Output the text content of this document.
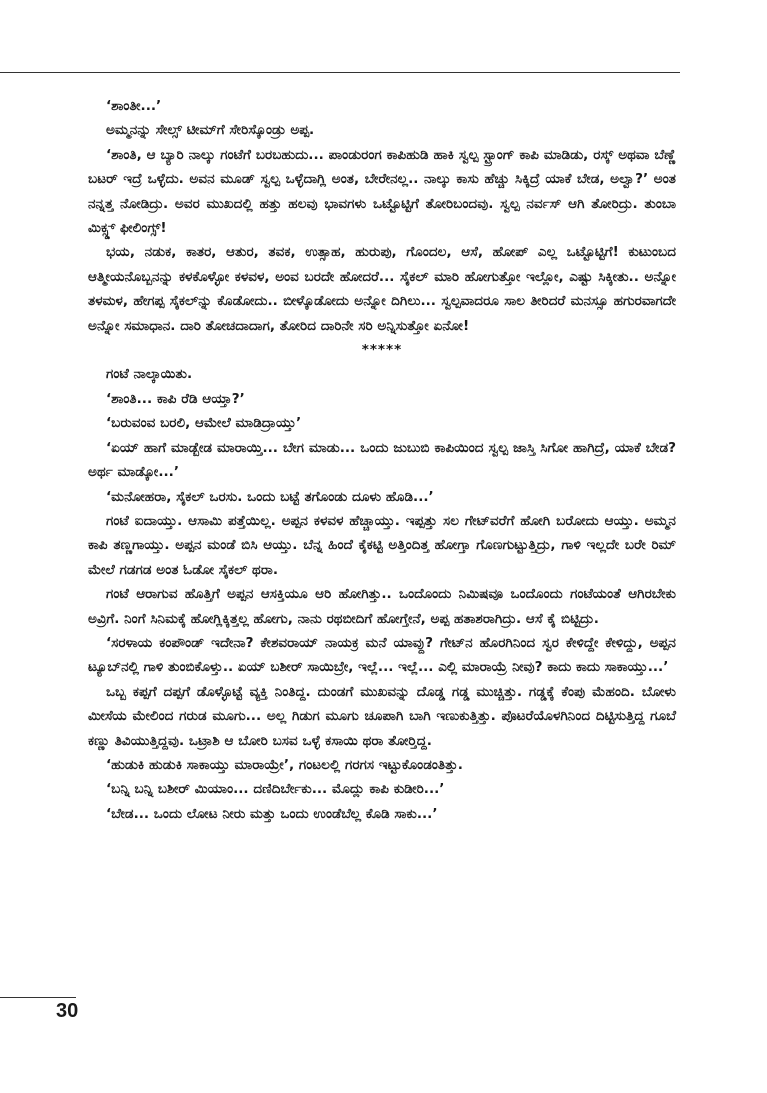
‘ಶಾಂತೀ...’

ಅಮ್ಮನನ್ನು ಸೇಲ್ಸ್ ಟೀಮ್‌ಗೆ ಸೇರಿಸ್ಕೊಂಡ್ರು ಅಪ್ಪ.

‘ಶಾಂತಿ, ಆ ಬ್ಯಾರಿ ನಾಲ್ಕು ಗಂಟೆಗೆ ಬರಬಹುದು... ಪಾಂಡುರಂಗ ಕಾಪಿಹುಡಿ ಹಾಕಿ ಸ್ವಲ್ಪ ಸ್ಟ್ರಾಂಗ್ ಕಾಪಿ ಮಾಡಿಡು, ರಸ್ಕ್ ಅಥವಾ ಬೆಣ್ಣೆ ಬಟರ್ ಇದ್ರೆ ಒಳ್ಳೆದು. ಅವನ ಮೂಡ್ ಸ್ವಲ್ಪ ಒಳ್ಳೆದಾಗ್ಲಿ ಅಂತ, ಬೇರೇನಲ್ಲ.. ನಾಲ್ಕು ಕಾಸು ಹೆಚ್ಚು ಸಿಕ್ಕಿದ್ರೆ ಯಾಕೆ ಬೇಡ, ಅಲ್ವಾ?’ ಅಂತ ನನ್ನತ್ತ ನೋಡಿದ್ರು. ಅವರ ಮುಖದಲ್ಲಿ ಹತ್ತು ಹಲವು ಭಾವಗಳು ಒಟ್ಟೊಟ್ಟಿಗೆ ತೋರಿಬಂದವು. ಸ್ವಲ್ಪ ನರ್ವಸ್ ಆಗಿ ತೋರಿದ್ರು. ತುಂಬಾ ಮಿಕ್ಸ್ಡ್ ಫೀಲಿಂಗ್ಸ್!

ಭಯ, ನಡುಕ, ಕಾತರ, ಆತುರ, ತವಕ, ಉತ್ಸಾಹ, ಹುರುಪು, ಗೊಂದಲ, ಆಸೆ, ಹೋಪ್ ಎಲ್ಲ ಒಟ್ಟೊಟ್ಟಿಗೆ! ಕುಟುಂಬದ ಆತ್ಮೀಯನೊಬ್ಬನನ್ನು ಕಳಕೊಳ್ಳೋ ಕಳವಳ, ಅಂವ ಬರದೇ ಹೋದರೆ... ಸೈಕಲ್ ಮಾರಿ ಹೋಗುತ್ತೋ ಇಲ್ಲೋ, ಎಷ್ಟು ಸಿಕ್ಕೀತು.. ಅನ್ನೋ ತಳಮಳ, ಹೇಗಪ್ಪ ಸೈಕಲ್‌ನ್ನು ಕೊಡೋದು.. ಬೀಳ್ಕೊಡೋದು ಅನ್ನೋ ದಿಗಿಲು... ಸ್ವಲ್ಪವಾದರೂ ಸಾಲ ತೀರಿದರೆ ಮನಸ್ಸೂ ಹಗುರವಾಗದೇ ಅನ್ನೋ ಸಮಾಧಾನ. ದಾರಿ ತೋಚದಾದಾಗ, ತೋರಿದ ದಾರಿನೇ ಸರಿ ಅನ್ನಿಸುತ್ತೋ ಏನೋ!

*****

ಗಂಟೆ ನಾಲ್ಕಾಯಿತು.

‘ಶಾಂತಿ... ಕಾಪಿ ರೆಡಿ ಆಯ್ತಾ?’

‘ಬರುವಂವ ಬರಲಿ, ಆಮೇಲೆ ಮಾಡಿದ್ರಾಯ್ತು’

‘ಏಯ್ ಹಾಗೆ ಮಾಡ್ಬೇಡ ಮಾರಾಯ್ತಿ... ಬೇಗ ಮಾಡು... ಒಂದು ಜುಬುಬಿ ಕಾಪಿಯಿಂದ ಸ್ವಲ್ಪ ಜಾಸ್ತಿ ಸಿಗೋ ಹಾಗಿದ್ರೆ, ಯಾಕೆ ಬೇಡ? ಅರ್ಥ ಮಾಡ್ಕೋ...’

‘ಮನೋಹರಾ, ಸೈಕಲ್ ಒರಸು. ಒಂದು ಬಟ್ಟೆ ತಗೊಂಡು ದೂಳು ಹೊಡಿ...’

ಗಂಟೆ ಐದಾಯ್ತು. ಆಸಾಮಿ ಪತ್ತೆಯಿಲ್ಲ. ಅಪ್ಪನ ಕಳವಳ ಹೆಚ್ಚಾಯ್ತು. ಇಪ್ಪತ್ತು ಸಲ ಗೇಟ್‌ವರೆಗೆ ಹೋಗಿ ಬರೋದು ಆಯ್ತು. ಅಮ್ಮನ ಕಾಪಿ ತಣ್ಣಗಾಯ್ತು. ಅಪ್ಪನ ಮಂಡೆ ಬಿಸಿ ಆಯ್ತು. ಬೆನ್ನ ಹಿಂದೆ ಕೈಕಟ್ಟಿ ಅತ್ತಿಂದಿತ್ತ ಹೋಗ್ತಾ ಗೊಣಗುಟ್ಟುತ್ತಿದ್ರು, ಗಾಳಿ ಇಲ್ಲದೇ ಬರೇ ರಿಮ್ ಮೇಲೆ ಗಡಗಡ ಅಂತ ಓಡೋ ಸೈಕಲ್ ಥರಾ.

ಗಂಟೆ ಆರಾಗುವ ಹೊತ್ತಿಗೆ ಅಪ್ಪನ ಆಸಕ್ತಿಯೂ ಆರಿ ಹೋಗಿತ್ತು.. ಒಂದೊಂದು ನಿಮಿಷವೂ ಒಂದೊಂದು ಗಂಟೆಯಂತೆ ಆಗಿರಬೇಕು ಅವ್ರಿಗೆ. ನಿಂಗೆ ಸಿನಿಮಕ್ಕೆ ಹೋಗ್ಲಿಕ್ಕಿತ್ತಲ್ಲ ಹೋಗು, ನಾನು ರಥಬೀದಿಗೆ ಹೋಗ್ತೇನೆ, ಅಪ್ಪ ಹತಾಶರಾಗಿದ್ರು. ಆಸೆ ಕೈ ಬಿಟ್ಟಿದ್ರು.

‘ಸರಳಾಯ ಕಂಪೌಂಡ್ ಇದೇನಾ? ಕೇಶವರಾಯ್ ನಾಯಕ್ರ ಮನೆ ಯಾವ್ದು? ಗೇಟ್‌ನ ಹೊರಗಿನಿಂದ ಸ್ವರ ಕೇಳಿದ್ದೇ ಕೇಳಿದ್ದು, ಅಪ್ಪನ ಟ್ಯೂಬ್‌ನಲ್ಲಿ ಗಾಳಿ ತುಂಬಿಕೊಳ್ತು.. ಏಯ್ ಬಶೀರ್ ಸಾಯಿಬ್ರೇ, ಇಲ್ಲೆ... ಇಲ್ಲೆ... ಎಲ್ಲಿ ಮಾರಾಯ್ರೆ ನೀವು? ಕಾದು ಕಾದು ಸಾಕಾಯ್ತು...’

ಒಬ್ಬ ಕಪ್ಪಗೆ ದಪ್ಪಗೆ ಡೊಳ್ಳೊಟ್ಟೆ ವ್ಯಕ್ತಿ ನಿಂತಿದ್ದ. ದುಂಡಗೆ ಮುಖವನ್ನು ದೊಡ್ಡ ಗಡ್ಡ ಮುಚ್ಚಿತ್ತು. ಗಡ್ಡಕ್ಕೆ ಕೆಂಪು ಮೆಹಂದಿ. ಬೋಳು ಮೀಸೆಯ ಮೇಲಿಂದ ಗರುಡ ಮೂಗು... ಅಲ್ಲ ಗಿಡುಗ ಮೂಗು ಚೂಪಾಗಿ ಬಾಗಿ ಇಣುಕುತ್ತಿತ್ತು. ಪೊಟರೆಯೊಳಗಿನಿಂದ ದಿಟ್ಟಿಸುತ್ತಿದ್ದ ಗೂಬೆ ಕಣ್ಣು ತಿವಿಯುತ್ತಿದ್ದವು. ಒಟ್ರಾಶಿ ಆ ಬೋರಿ ಬಸವ ಒಳ್ಳೆ ಕಸಾಯಿ ಥರಾ ತೋರ್‍ತಿದ್ದ.

‘ಹುಡುಕಿ ಹುಡುಕಿ ಸಾಕಾಯ್ತು ಮಾರಾಯ್ರೇ’, ಗಂಟಲಲ್ಲಿ ಗರಗಸ ಇಟ್ಟುಕೊಂಡಂತಿತ್ತು.

‘ಬನ್ನಿ ಬನ್ನಿ ಬಶೀರ್ ಮಿಯಾಂ... ದಣಿದಿರ್ಬೇಕು... ಮೊದ್ಲು ಕಾಪಿ ಕುಡೀರಿ...’

‘ಬೇಡ... ಒಂದು ಲೋಟ ನೀರು ಮತ್ತು ಒಂದು ಉಂಡೆಬೆಲ್ಲ ಕೊಡಿ ಸಾಕು...’

30
